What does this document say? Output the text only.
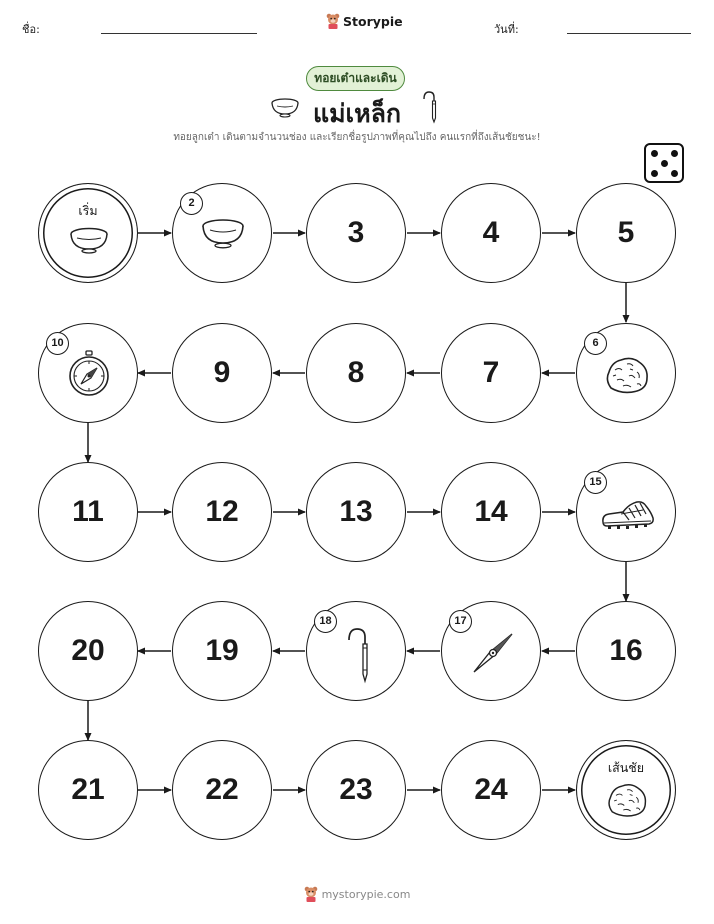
ชื่อ:
Storypie
วันที่:
ทอยเต๋าและเดิน
แม่เหล็ก
ทอยลูกเต๋า เดินตามจำนวนช่อง และเรียกชื่อรูปภาพที่คุณไปถึง คนแรกที่ถึงเส้นชัยชนะ!
เริ่ม	2
3	4	5
6
7
8
9
10
11	12	13	14
15
16
17
18
19
20
21	22	23	24
เส้นชัย
mystorypie.com
